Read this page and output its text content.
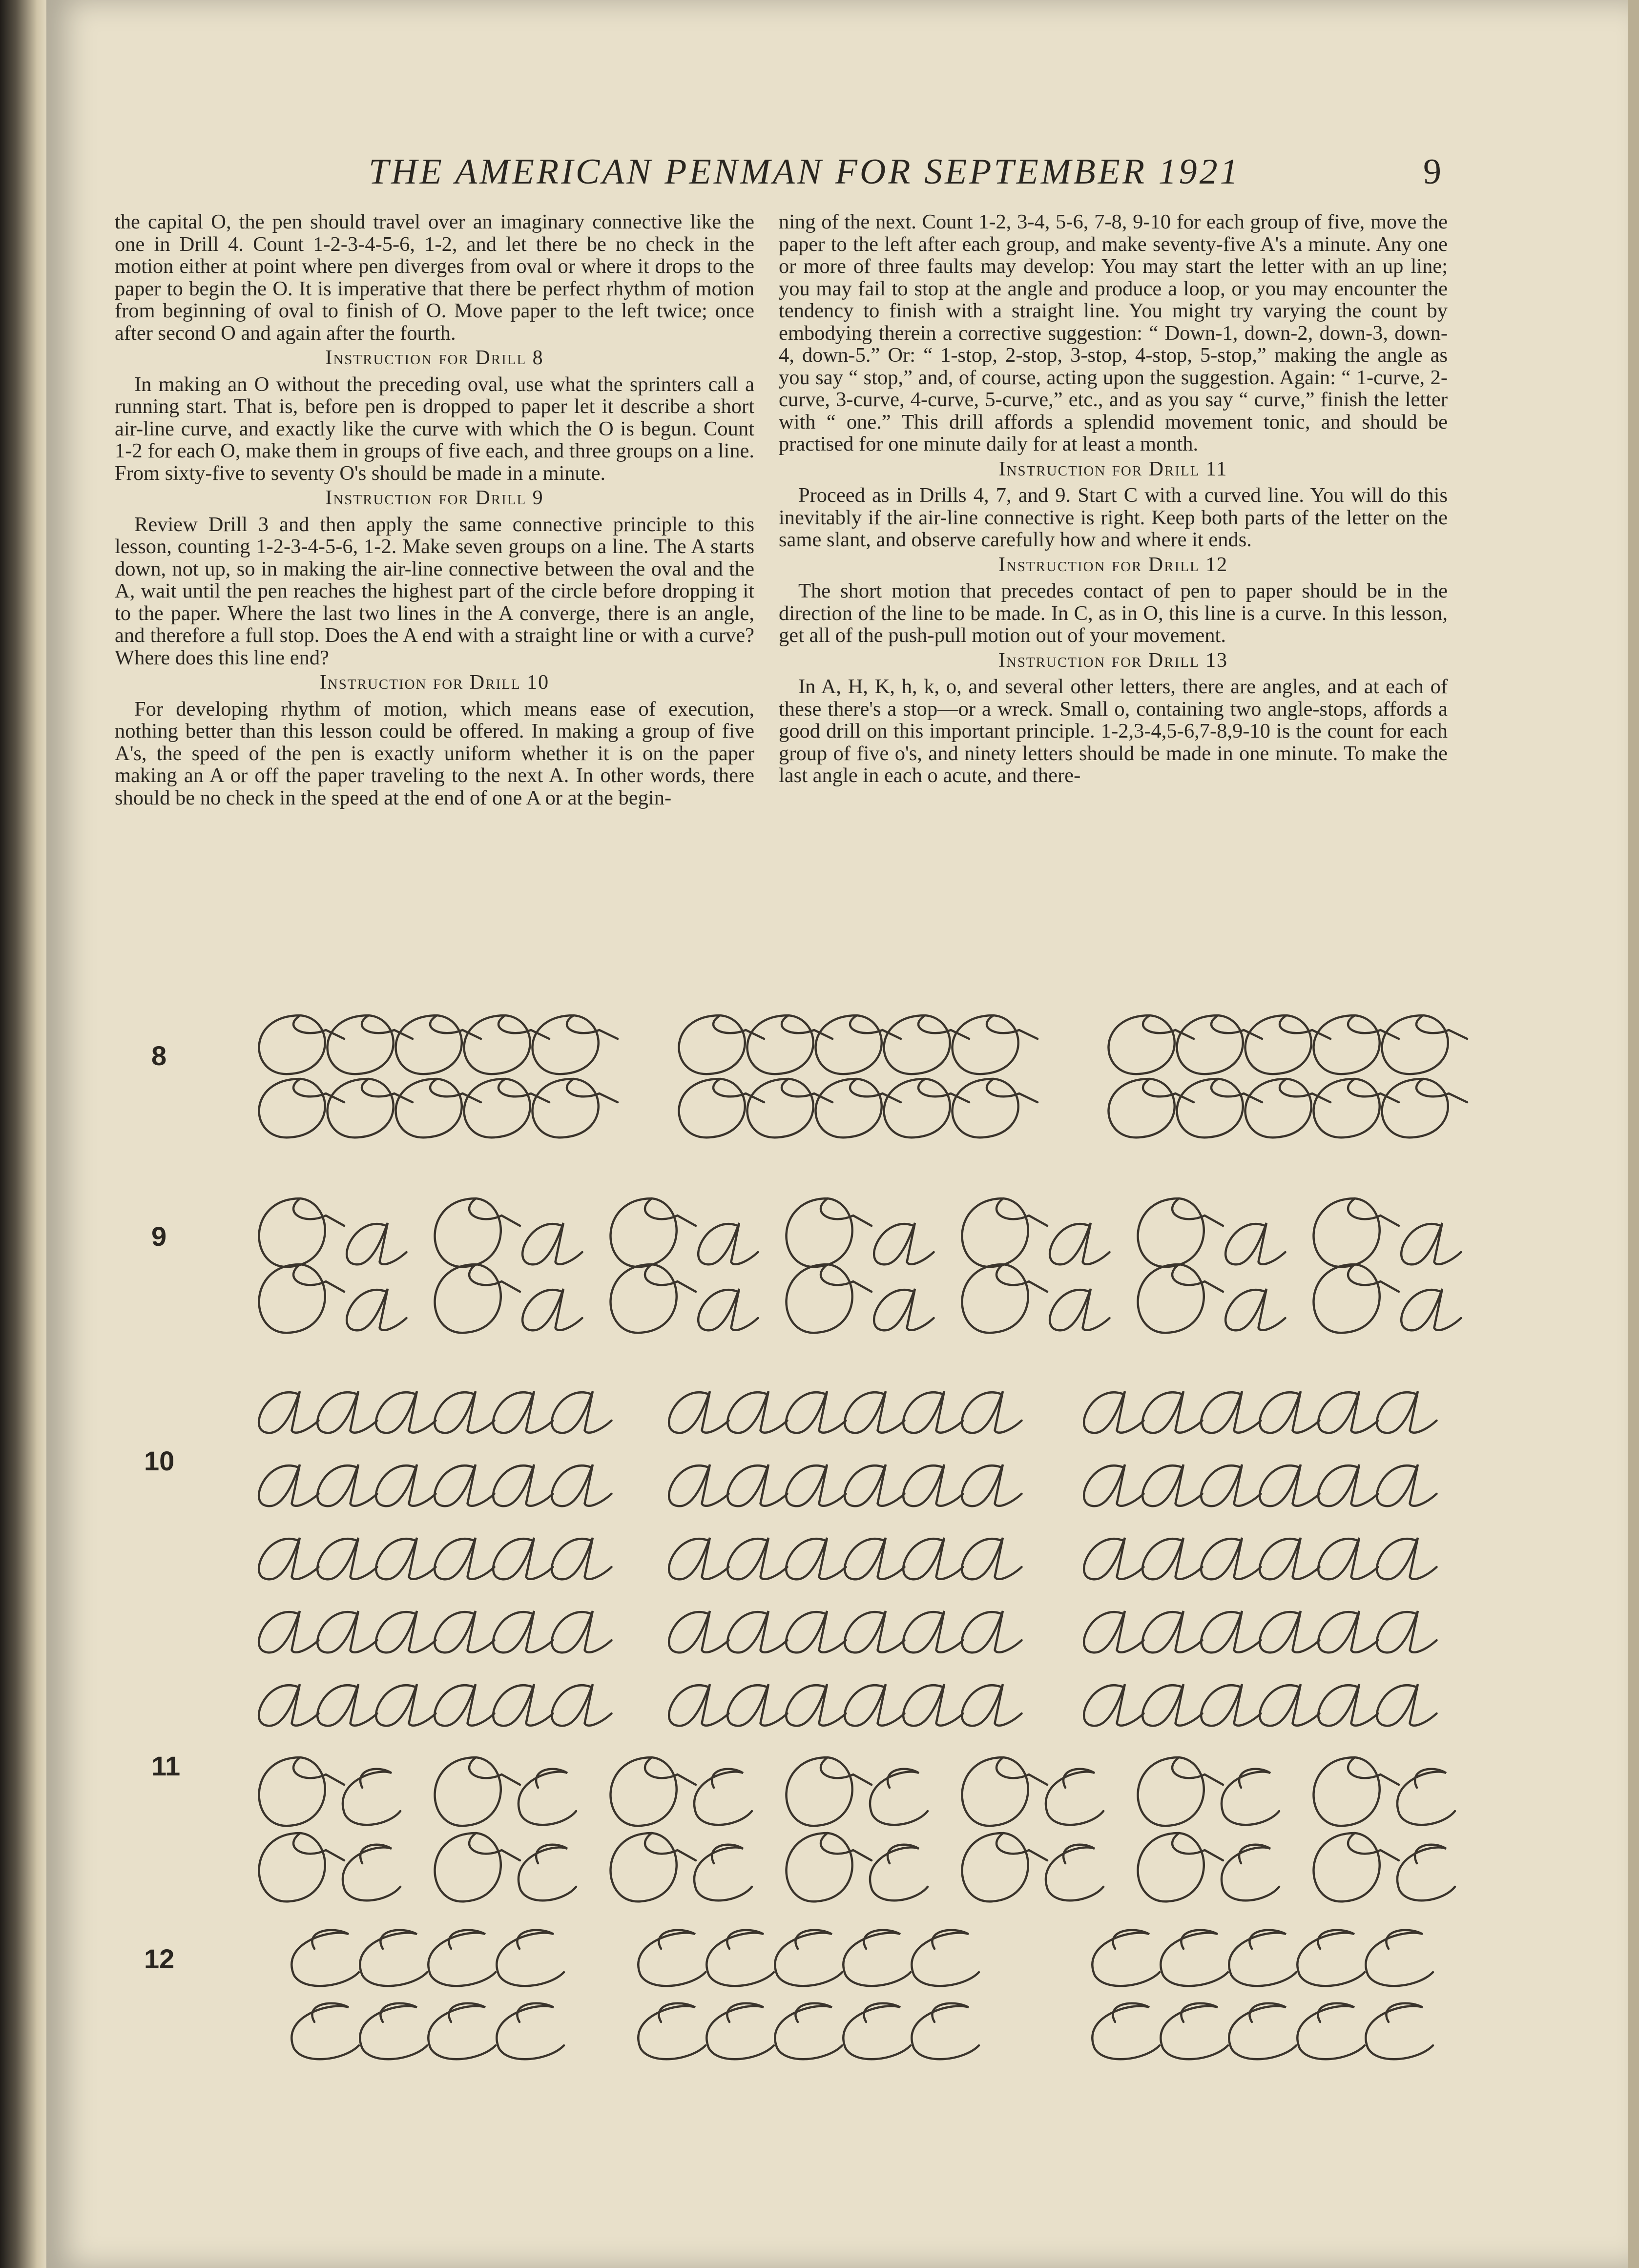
THE AMERICAN PENMAN FOR SEPTEMBER 1921	9

the capital O, the pen should travel over an imaginary connective like the one in Drill 4. Count 1-2-3-4-5-6, 1-2, and let there be no check in the motion either at point where pen diverges from oval or where it drops to the paper to begin the O. It is imperative that there be perfect rhythm of motion from beginning of oval to finish of O. Move paper to the left twice; once after second O and again after the fourth.

Instruction for Drill 8

In making an O without the preceding oval, use what the sprinters call a running start. That is, before pen is dropped to paper let it describe a short air-line curve, and exactly like the curve with which the O is begun. Count 1-2 for each O, make them in groups of five each, and three groups on a line. From sixty-five to seventy O's should be made in a minute.

Instruction for Drill 9

Review Drill 3 and then apply the same connective principle to this lesson, counting 1-2-3-4-5-6, 1-2. Make seven groups on a line. The A starts down, not up, so in making the air-line connective between the oval and the A, wait until the pen reaches the highest part of the circle before dropping it to the paper. Where the last two lines in the A converge, there is an angle, and therefore a full stop. Does the A end with a straight line or with a curve? Where does this line end?

Instruction for Drill 10

For developing rhythm of motion, which means ease of execution, nothing better than this lesson could be offered. In making a group of five A's, the speed of the pen is exactly uniform whether it is on the paper making an A or off the paper traveling to the next A. In other words, there should be no check in the speed at the end of one A or at the begin-

ning of the next. Count 1-2, 3-4, 5-6, 7-8, 9-10 for each group of five, move the paper to the left after each group, and make seventy-five A's a minute. Any one or more of three faults may develop: You may start the letter with an up line; you may fail to stop at the angle and produce a loop, or you may encounter the tendency to finish with a straight line. You might try varying the count by embodying therein a corrective suggestion: “ Down-1, down-2, down-3, down-4, down-5.” Or: “ 1-stop, 2-stop, 3-stop, 4-stop, 5-stop,” making the angle as you say “ stop,” and, of course, acting upon the suggestion. Again: “ 1-curve, 2-curve, 3-curve, 4-curve, 5-curve,” etc., and as you say “ curve,” finish the letter with “ one.” This drill affords a splendid movement tonic, and should be practised for one minute daily for at least a month.

Instruction for Drill 11

Proceed as in Drills 4, 7, and 9. Start C with a curved line. You will do this inevitably if the air-line connective is right. Keep both parts of the letter on the same slant, and observe carefully how and where it ends.

Instruction for Drill 12

The short motion that precedes contact of pen to paper should be in the direction of the line to be made. In C, as in O, this line is a curve. In this lesson, get all of the push-pull motion out of your movement.

Instruction for Drill 13

In A, H, K, h, k, o, and several other letters, there are angles, and at each of these there's a stop—or a wreck. Small o, containing two angle-stops, affords a good drill on this important principle. 1-2,3-4,5-6,7-8,9-10 is the count for each group of five o's, and ninety letters should be made in one minute. To make the last angle in each o acute, and there-

8
9
10
11
12
